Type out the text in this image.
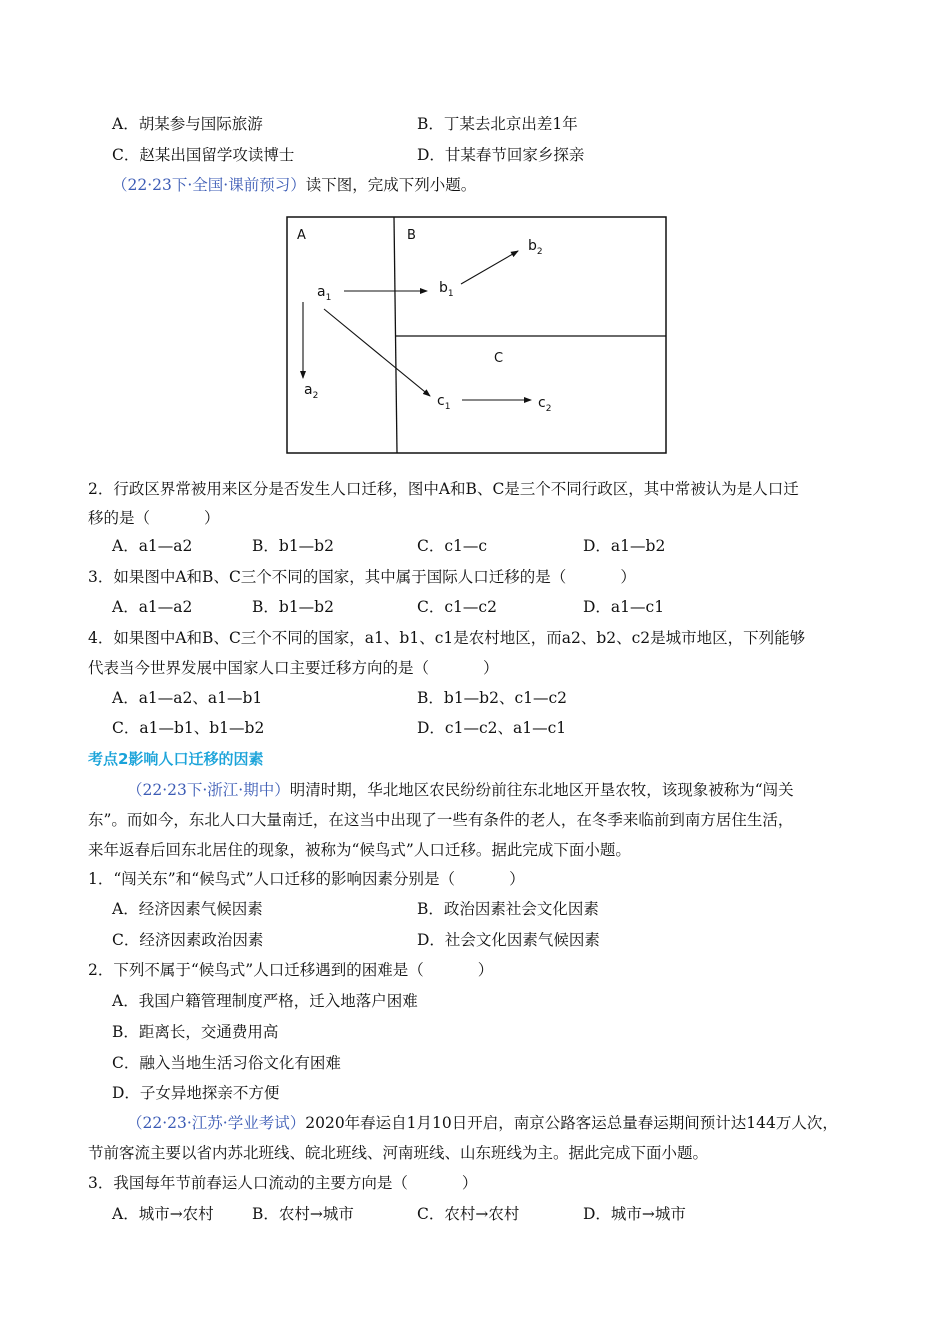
A．胡某参与国际旅游	B．丁某去北京出差1年
C．赵某出国留学攻读博士	D．甘某春节回家乡探亲
（22·23下·全国·课前预习）读下图，完成下列小题。
A	B
C
$a_1$
$a_2$
$b_1$
$b_2$
$c_1$	$c_2$
2．行政区界常被用来区分是否发生人口迁移，图中A和B、C是三个不同行政区，其中常被认为是人口迁
移的是（	）
A．a1—a2	B．b1—b2	C．c1—c	D．a1—b2
3．如果图中A和B、C三个不同的国家，其中属于国际人口迁移的是（	）
A．a1—a2	B．b1—b2	C．c1—c2	D．a1—c1
4．如果图中A和B、C三个不同的国家，a1、b1、c1是农村地区，而a2、b2、c2是城市地区，下列能够
代表当今世界发展中国家人口主要迁移方向的是（	）
A．a1—a2、a1—b1	B．b1—b2、c1—c2
C．a1—b1、b1—b2	D．c1—c2、a1—c1
考点2影响人口迁移的因素
（22·23下·浙江·期中）明清时期，华北地区农民纷纷前往东北地区开垦农牧，该现象被称为“闯关
东”。而如今，东北人口大量南迁，在这当中出现了一些有条件的老人，在冬季来临前到南方居住生活，
来年返春后回东北居住的现象，被称为“候鸟式”人口迁移。据此完成下面小题。
1．“闯关东”和“候鸟式”人口迁移的影响因素分别是（	）
A．经济因素气候因素	B．政治因素社会文化因素
C．经济因素政治因素	D．社会文化因素气候因素
2．下列不属于“候鸟式”人口迁移遇到的困难是（	）
A．我国户籍管理制度严格，迁入地落户困难
B．距离长，交通费用高
C．融入当地生活习俗文化有困难
D．子女异地探亲不方便
（22·23·江苏·学业考试）2020年春运自1月10日开启，南京公路客运总量春运期间预计达144万人次，
节前客流主要以省内苏北班线、皖北班线、河南班线、山东班线为主。据此完成下面小题。
3．我国每年节前春运人口流动的主要方向是（	）
A．城市→农村 B．农村→城市	C．农村→农村	D．城市→城市
